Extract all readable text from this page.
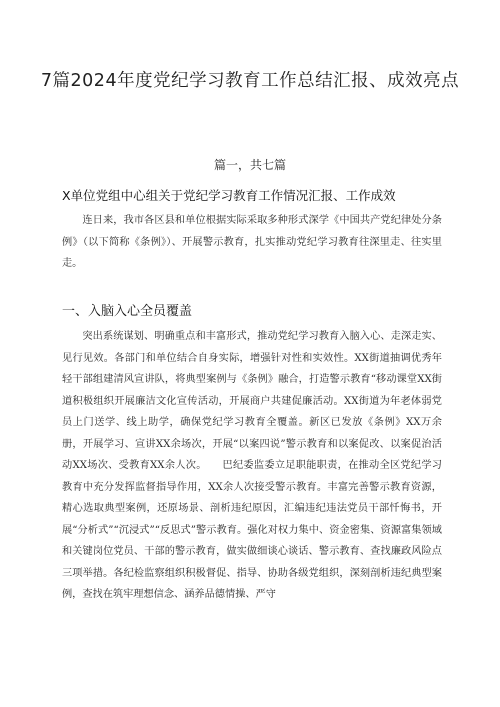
7篇2024年度党纪学习教育工作总结汇报、成效亮点
篇一，共七篇
X单位党组中心组关于党纪学习教育工作情况汇报、工作成效
连日来，我市各区县和单位根据实际采取多种形式深学《中国共产党纪律处分条例》（以下简称《条例》）、开展警示教育，扎实推动党纪学习教育往深里走、往实里走。
一、入脑入心全员覆盖
突出系统谋划、明确重点和丰富形式，推动党纪学习教育入脑入心、走深走实、见行见效。各部门和单位结合自身实际，增强针对性和实效性。XX街道抽调优秀年轻干部组建清风宣讲队，将典型案例与《条例》融合，打造警示教育“移动课堂XX街道积极组织开展廉洁文化宣传活动，开展商户共建促廉活动。XX街道为年老体弱党员上门送学、线上助学，确保党纪学习教育全覆盖。新区已发放《条例》XX万余册，开展学习、宣讲XX余场次，开展“以案四说”警示教育和以案促改、以案促治活动XX场次、受教育XX余人次。　　巴纪委监委立足职能职责，在推动全区党纪学习教育中充分发挥监督指导作用，XX余人次接受警示教育。丰富完善警示教育资源，精心选取典型案例，还原场景、剖析违纪原因，汇编违纪违法党员干部忏悔书，开展“分析式”“沉浸式”“反思式”警示教育。强化对权力集中、资金密集、资源富集领域和关键岗位党员、干部的警示教育，做实做细谈心谈话、警示教育、查找廉政风险点三项举措。各纪检监察组织积极督促、指导、协助各级党组织，深刻剖析违纪典型案例，查找在筑牢理想信念、涵养品德情操、严守
